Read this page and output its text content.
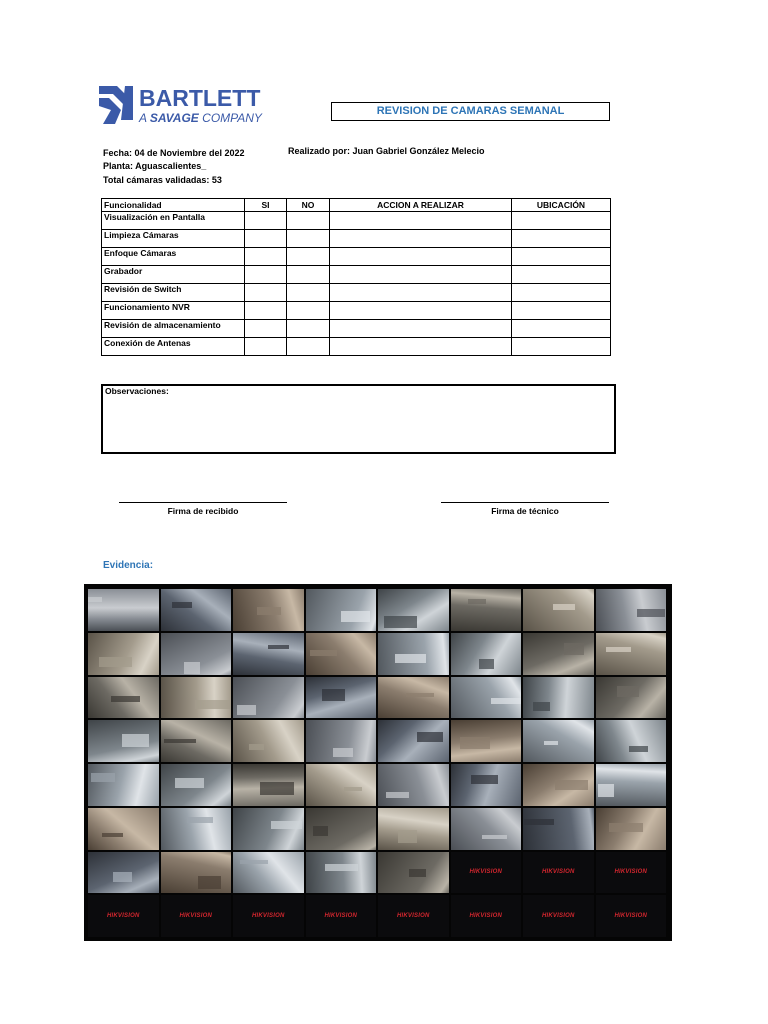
BARTLETT
A SAVAGE COMPANY	REVISION DE CAMARAS SEMANAL
Fecha: 04 de Noviembre del 2022
Planta: Aguascalientes_
Total cámaras validadas: 53
Realizado por: Juan Gabriel González Melecio
Funcionalidad	SI	NO	ACCION A REALIZAR	UBICACIÓN
Visualización en Pantalla				
Limpieza Cámaras				
Enfoque Cámaras				
Grabador				
Revisión de Switch				
Funcionamiento NVR				
Revisión de almacenamiento				
Conexión de Antenas				
Observaciones:
Firma de recibido	Firma de técnico
Evidencia:
HIKVISION	HIKVISION	HIKVISION
HIKVISION	HIKVISION	HIKVISION	HIKVISION	HIKVISION	HIKVISION	HIKVISION	HIKVISION
